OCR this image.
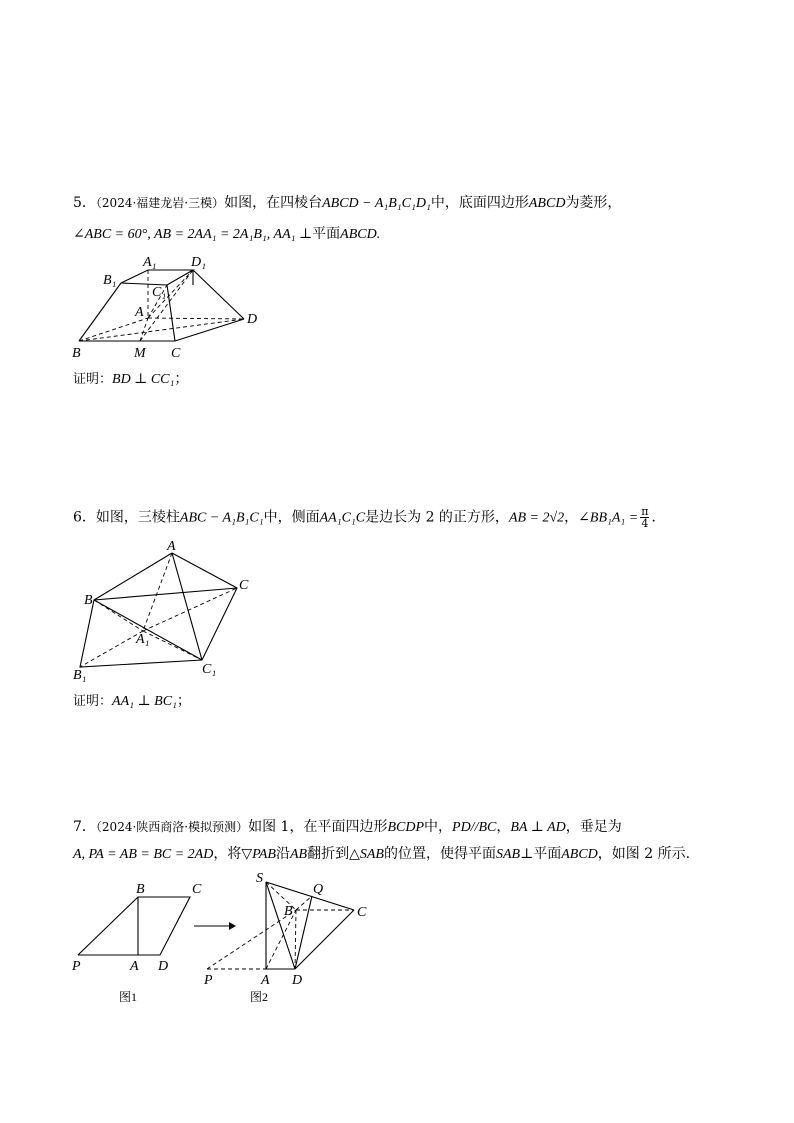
5．（2024·福建龙岩·三模）如图，在四棱台ABCD − A₁B₁C₁D₁中，底面四边形ABCD为菱形，
∠ABC = 60°, AB = 2AA₁ = 2A₁B₁, AA₁ ⊥平面ABCD.
A₁ D₁
B₁
C₁
A	D
B	M C
A
C
B
A₁
B₁	C₁
B	C
P	A D
图1
S
Q
B	C
P	A D
图2
证明：BD ⊥ CC₁；
6．如图，三棱柱ABC − A₁B₁C₁中，侧面AA₁C₁C是边长为 2 的正方形，AB = 2√2，∠BB₁A₁ = $\frac{\pi}{4}$ ．
证明：AA₁ ⊥ BC₁；
7．（2024·陕西商洛·模拟预测）如图 1，在平面四边形BCDP中，PD//BC，BA ⊥ AD，垂足为
A, PA = AB = BC = 2AD，将▽PAB沿AB翻折到△SAB的位置，使得平面SAB⊥平面ABCD，如图 2 所示.
